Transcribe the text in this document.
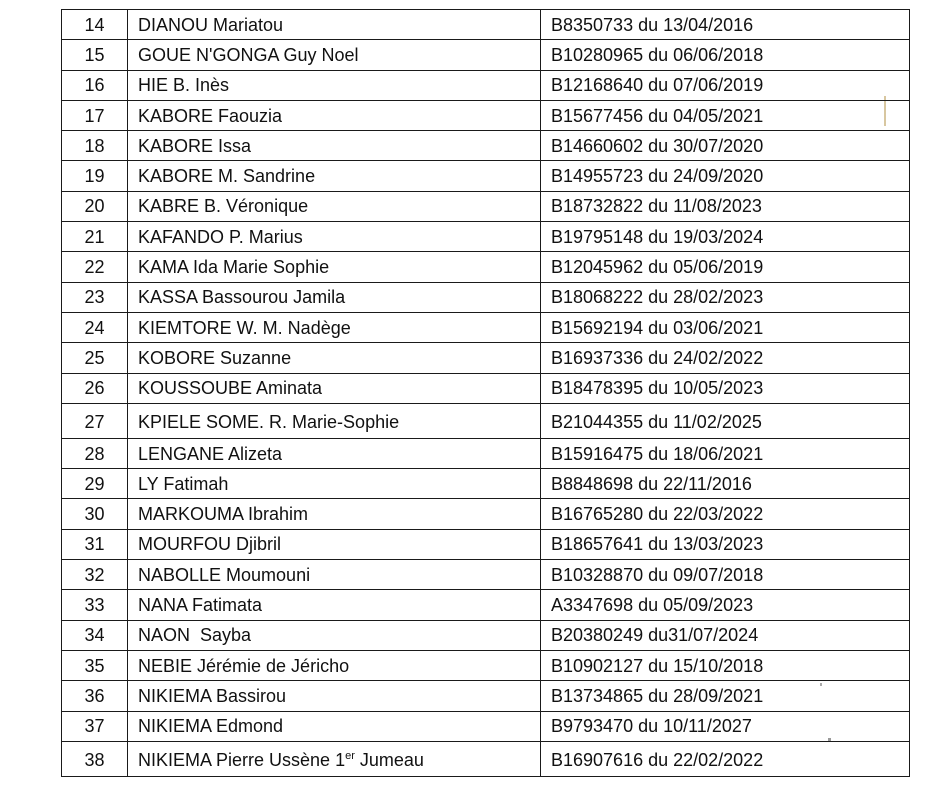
14	DIANOU Mariatou	B8350733 du 13/04/2016
15	GOUE N'GONGA Guy Noel	B10280965 du 06/06/2018
16	HIE B. Inès	B12168640 du 07/06/2019
17	KABORE Faouzia	B15677456 du 04/05/2021
18	KABORE Issa	B14660602 du 30/07/2020
19	KABORE M. Sandrine	B14955723 du 24/09/2020
20	KABRE B. Véronique	B18732822 du 11/08/2023
21	KAFANDO P. Marius	B19795148 du 19/03/2024
22	KAMA Ida Marie Sophie	B12045962 du 05/06/2019
23	KASSA Bassourou Jamila	B18068222 du 28/02/2023
24	KIEMTORE W. M. Nadège	B15692194 du 03/06/2021
25	KOBORE Suzanne	B16937336 du 24/02/2022
26	KOUSSOUBE Aminata	B18478395 du 10/05/2023
27	KPIELE SOME. R. Marie-Sophie	B21044355 du 11/02/2025
28	LENGANE Alizeta	B15916475 du 18/06/2021
29	LY Fatimah	B8848698 du 22/11/2016
30	MARKOUMA Ibrahim	B16765280 du 22/03/2022
31	MOURFOU Djibril	B18657641 du 13/03/2023
32	NABOLLE Moumouni	B10328870 du 09/07/2018
33	NANA Fatimata	A3347698 du 05/09/2023
34	NAON  Sayba	B20380249 du31/07/2024
35	NEBIE Jérémie de Jéricho	B10902127 du 15/10/2018
36	NIKIEMA Bassirou	B13734865 du 28/09/2021
37	NIKIEMA Edmond	B9793470 du 10/11/2027
38	NIKIEMA Pierre Ussène 1er Jumeau	B16907616 du 22/02/2022
